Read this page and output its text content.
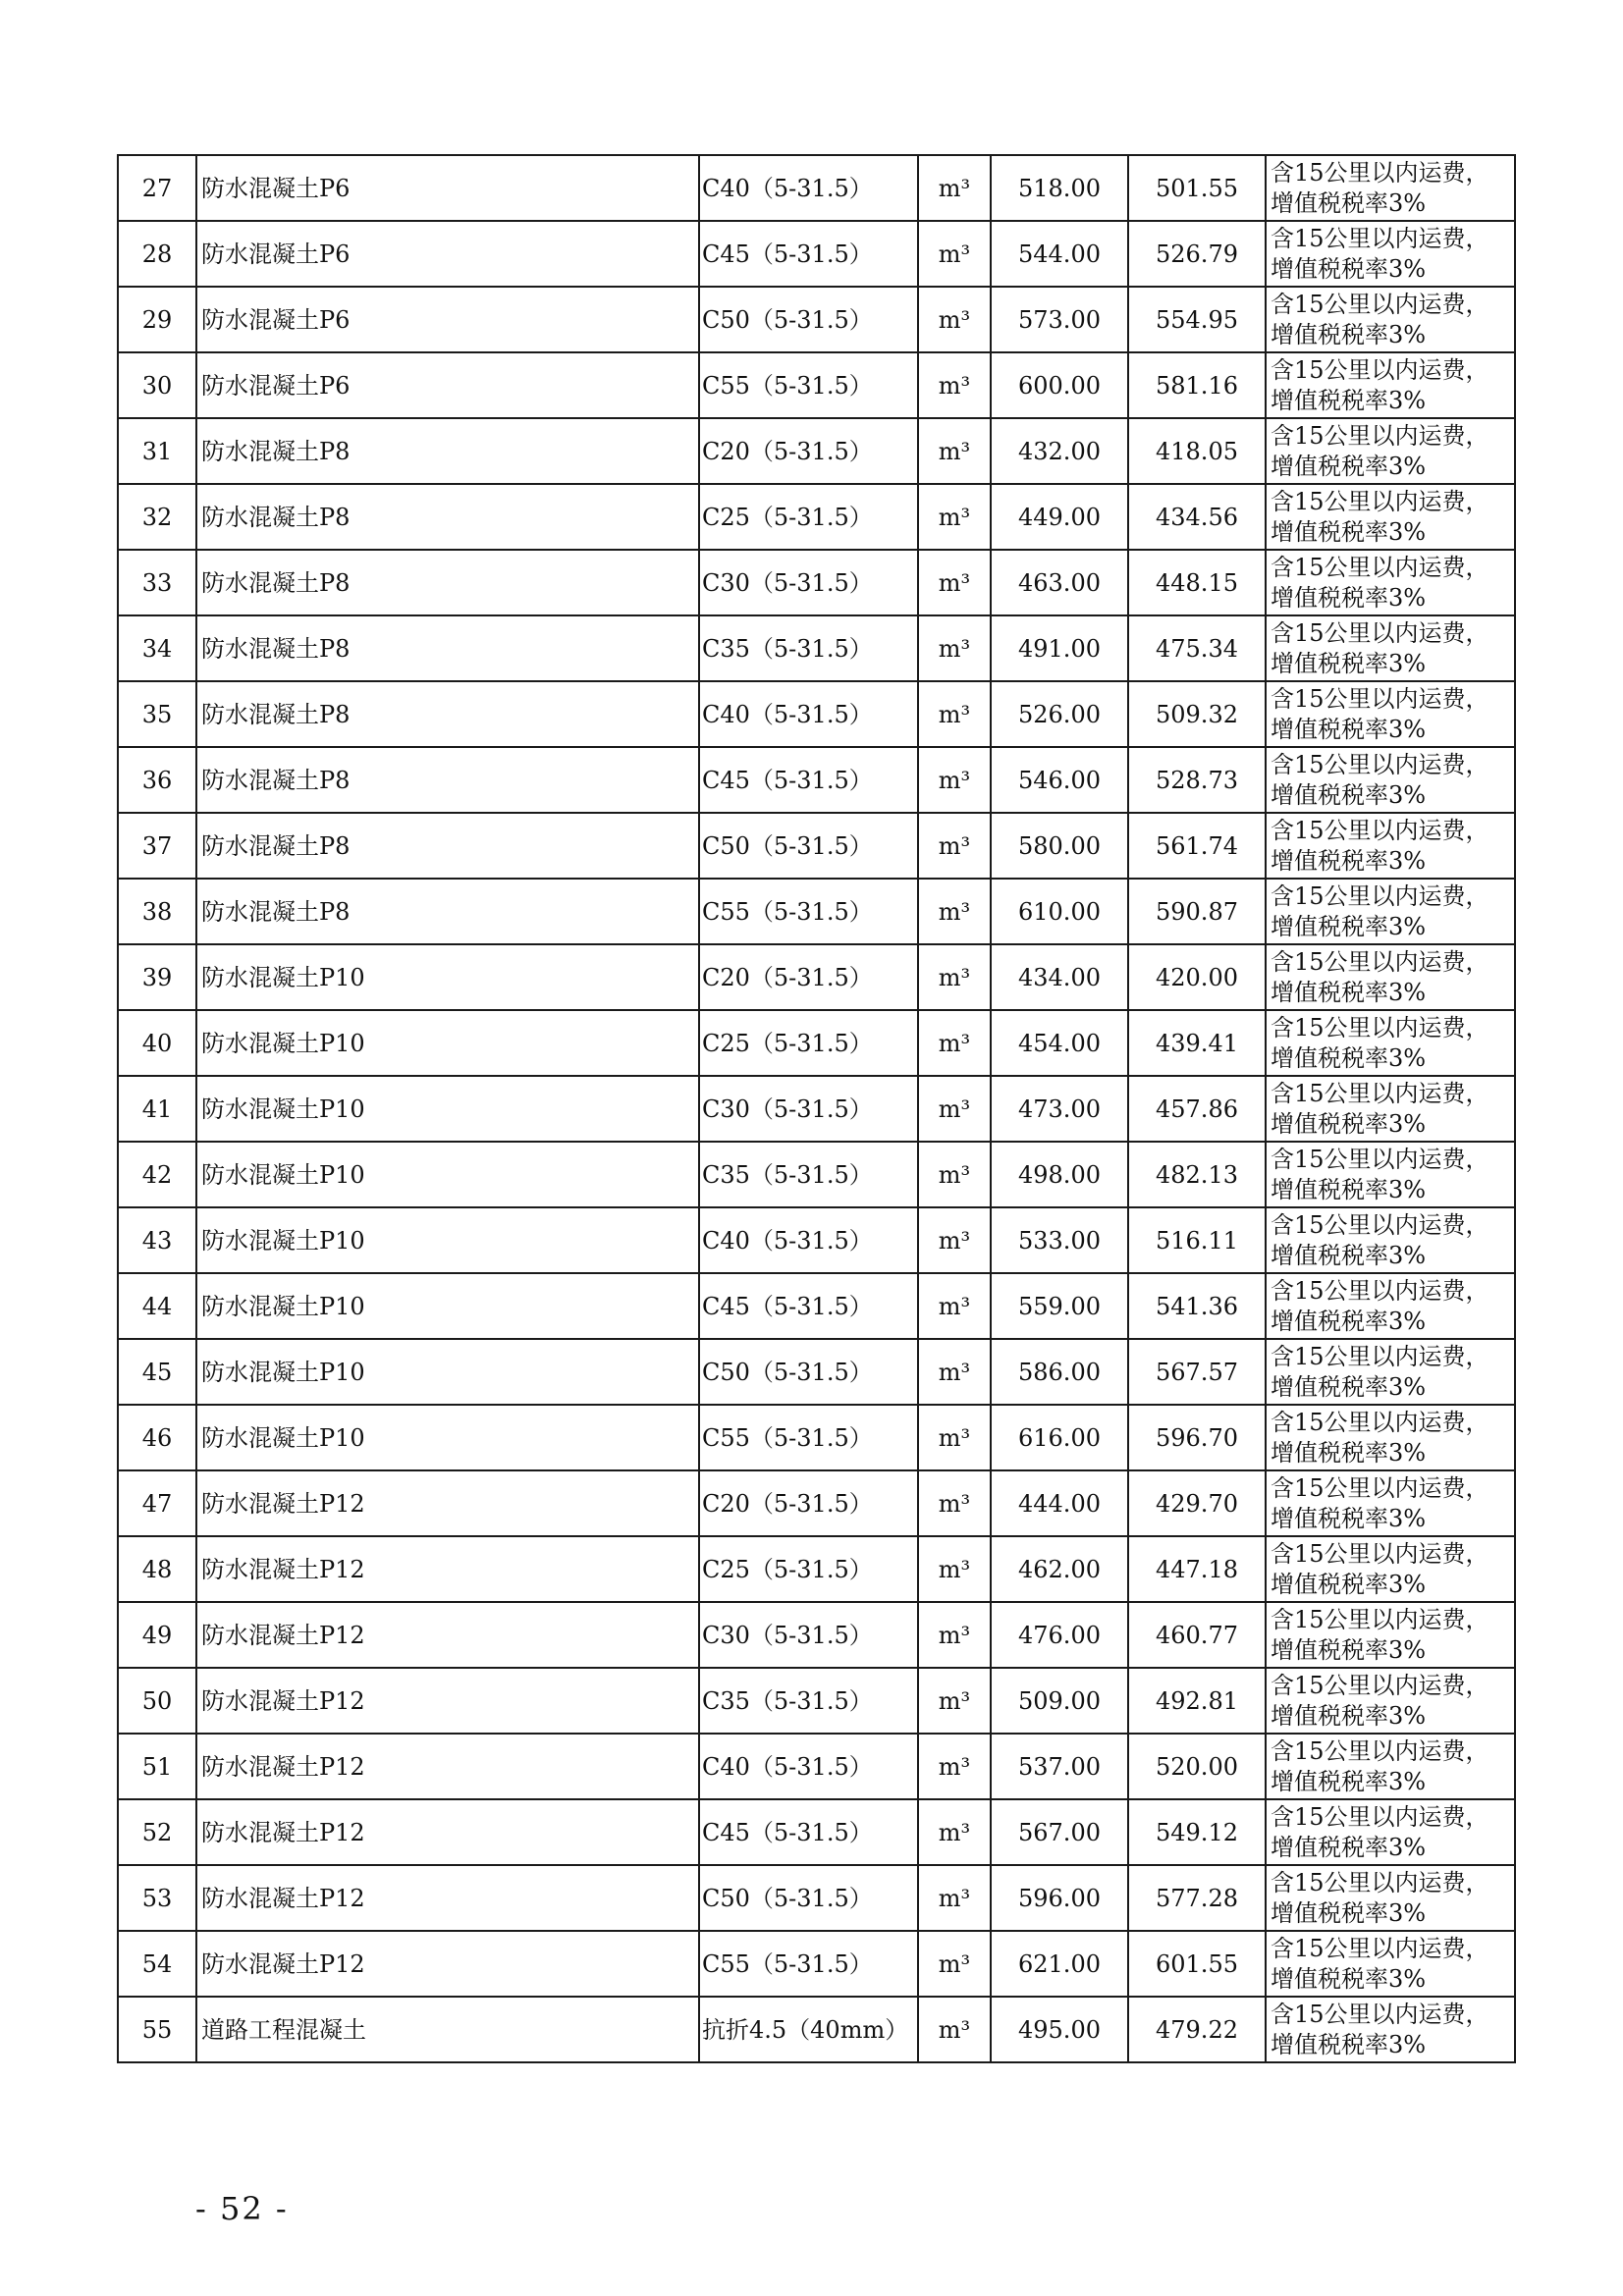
27	防水混凝土P6	C40（5-31.5）	m³	518.00	501.55	含15公里以内运费，
增值税税率3%

28	防水混凝土P6	C45（5-31.5）	m³	544.00	526.79	含15公里以内运费，
增值税税率3%

29	防水混凝土P6	C50（5-31.5）	m³	573.00	554.95	含15公里以内运费，
增值税税率3%

30	防水混凝土P6	C55（5-31.5）	m³	600.00	581.16	含15公里以内运费，
增值税税率3%

31	防水混凝土P8	C20（5-31.5）	m³	432.00	418.05	含15公里以内运费，
增值税税率3%

32	防水混凝土P8	C25（5-31.5）	m³	449.00	434.56	含15公里以内运费，
增值税税率3%

33	防水混凝土P8	C30（5-31.5）	m³	463.00	448.15	含15公里以内运费，
增值税税率3%

34	防水混凝土P8	C35（5-31.5）	m³	491.00	475.34	含15公里以内运费，
增值税税率3%

35	防水混凝土P8	C40（5-31.5）	m³	526.00	509.32	含15公里以内运费，
增值税税率3%

36	防水混凝土P8	C45（5-31.5）	m³	546.00	528.73	含15公里以内运费，
增值税税率3%

37	防水混凝土P8	C50（5-31.5）	m³	580.00	561.74	含15公里以内运费，
增值税税率3%

38	防水混凝土P8	C55（5-31.5）	m³	610.00	590.87	含15公里以内运费，
增值税税率3%

39	防水混凝土P10	C20（5-31.5）	m³	434.00	420.00	含15公里以内运费，
增值税税率3%

40	防水混凝土P10	C25（5-31.5）	m³	454.00	439.41	含15公里以内运费，
增值税税率3%

41	防水混凝土P10	C30（5-31.5）	m³	473.00	457.86	含15公里以内运费，
增值税税率3%

42	防水混凝土P10	C35（5-31.5）	m³	498.00	482.13	含15公里以内运费，
增值税税率3%

43	防水混凝土P10	C40（5-31.5）	m³	533.00	516.11	含15公里以内运费，
增值税税率3%

44	防水混凝土P10	C45（5-31.5）	m³	559.00	541.36	含15公里以内运费，
增值税税率3%

45	防水混凝土P10	C50（5-31.5）	m³	586.00	567.57	含15公里以内运费，
增值税税率3%

46	防水混凝土P10	C55（5-31.5）	m³	616.00	596.70	含15公里以内运费，
增值税税率3%

47	防水混凝土P12	C20（5-31.5）	m³	444.00	429.70	含15公里以内运费，
增值税税率3%

48	防水混凝土P12	C25（5-31.5）	m³	462.00	447.18	含15公里以内运费，
增值税税率3%

49	防水混凝土P12	C30（5-31.5）	m³	476.00	460.77	含15公里以内运费，
增值税税率3%

50	防水混凝土P12	C35（5-31.5）	m³	509.00	492.81	含15公里以内运费，
增值税税率3%

51	防水混凝土P12	C40（5-31.5）	m³	537.00	520.00	含15公里以内运费，
增值税税率3%

52	防水混凝土P12	C45（5-31.5）	m³	567.00	549.12	含15公里以内运费，
增值税税率3%

53	防水混凝土P12	C50（5-31.5）	m³	596.00	577.28	含15公里以内运费，
增值税税率3%

54	防水混凝土P12	C55（5-31.5）	m³	621.00	601.55	含15公里以内运费，
增值税税率3%

55	道路工程混凝土	抗折4.5（40mm）	m³	495.00	479.22	含15公里以内运费，
增值税税率3%
- 52 -
